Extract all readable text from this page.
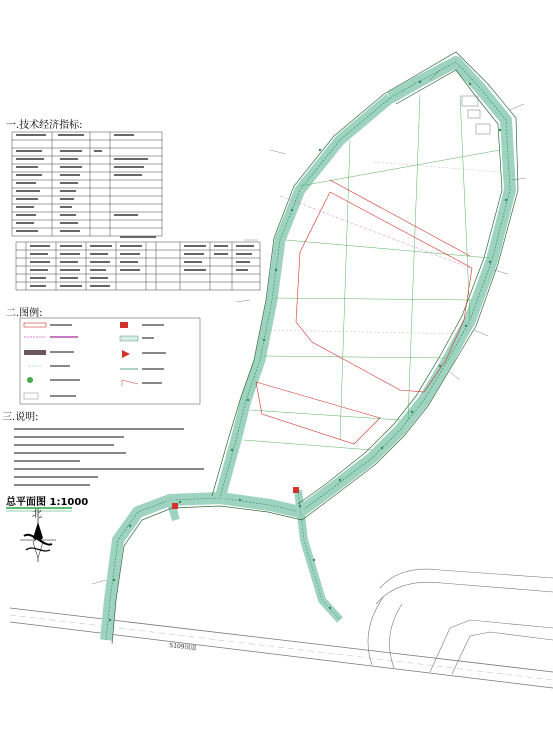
一.技术经济指标:
二.图例:
三.说明:
总平面图 1:1000
北
S109国道
